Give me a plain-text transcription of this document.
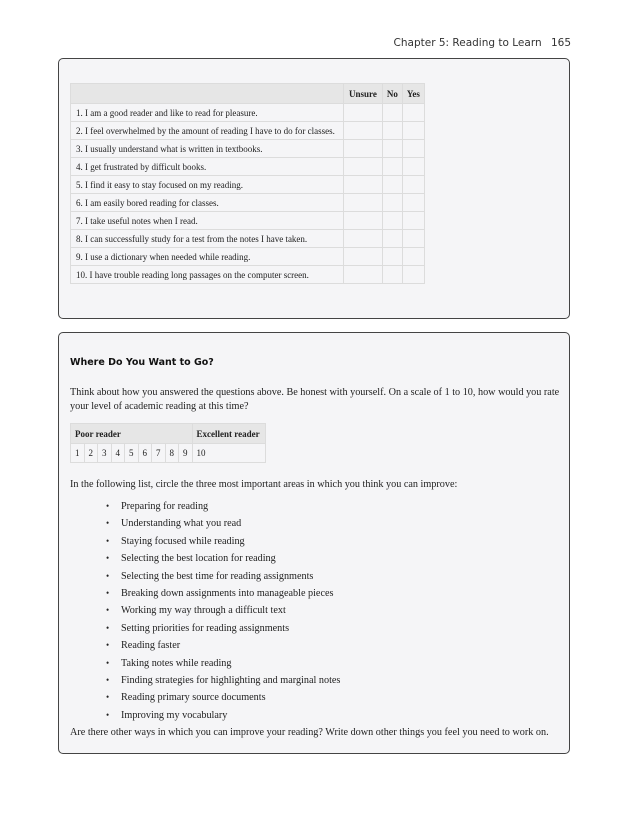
Chapter 5: Reading to Learn 165
	Unsure	No	Yes
1. I am a good reader and like to read for pleasure.			
2. I feel overwhelmed by the amount of reading I have to do for classes.			
3. I usually understand what is written in textbooks.			
4. I get frustrated by difficult books.			
5. I find it easy to stay focused on my reading.			
6. I am easily bored reading for classes.			
7. I take useful notes when I read.			
8. I can successfully study for a test from the notes I have taken.			
9. I use a dictionary when needed while reading.			
10. I have trouble reading long passages on the computer screen.			
Where Do You Want to Go?

Think about how you answered the questions above. Be honest with yourself. On a scale of 1 to 10, how would you rate your level of academic reading at this time?

Poor reader									Excellent reader
1	2	3	4	5	6	7	8	9	10

In the following list, circle the three most important areas in which you think you can improve:

• Preparing for reading
• Understanding what you read
• Staying focused while reading
• Selecting the best location for reading
• Selecting the best time for reading assignments
• Breaking down assignments into manageable pieces
• Working my way through a difficult text
• Setting priorities for reading assignments
• Reading faster
• Taking notes while reading
• Finding strategies for highlighting and marginal notes
• Reading primary source documents
• Improving my vocabulary

Are there other ways in which you can improve your reading? Write down other things you feel you need to work on.
